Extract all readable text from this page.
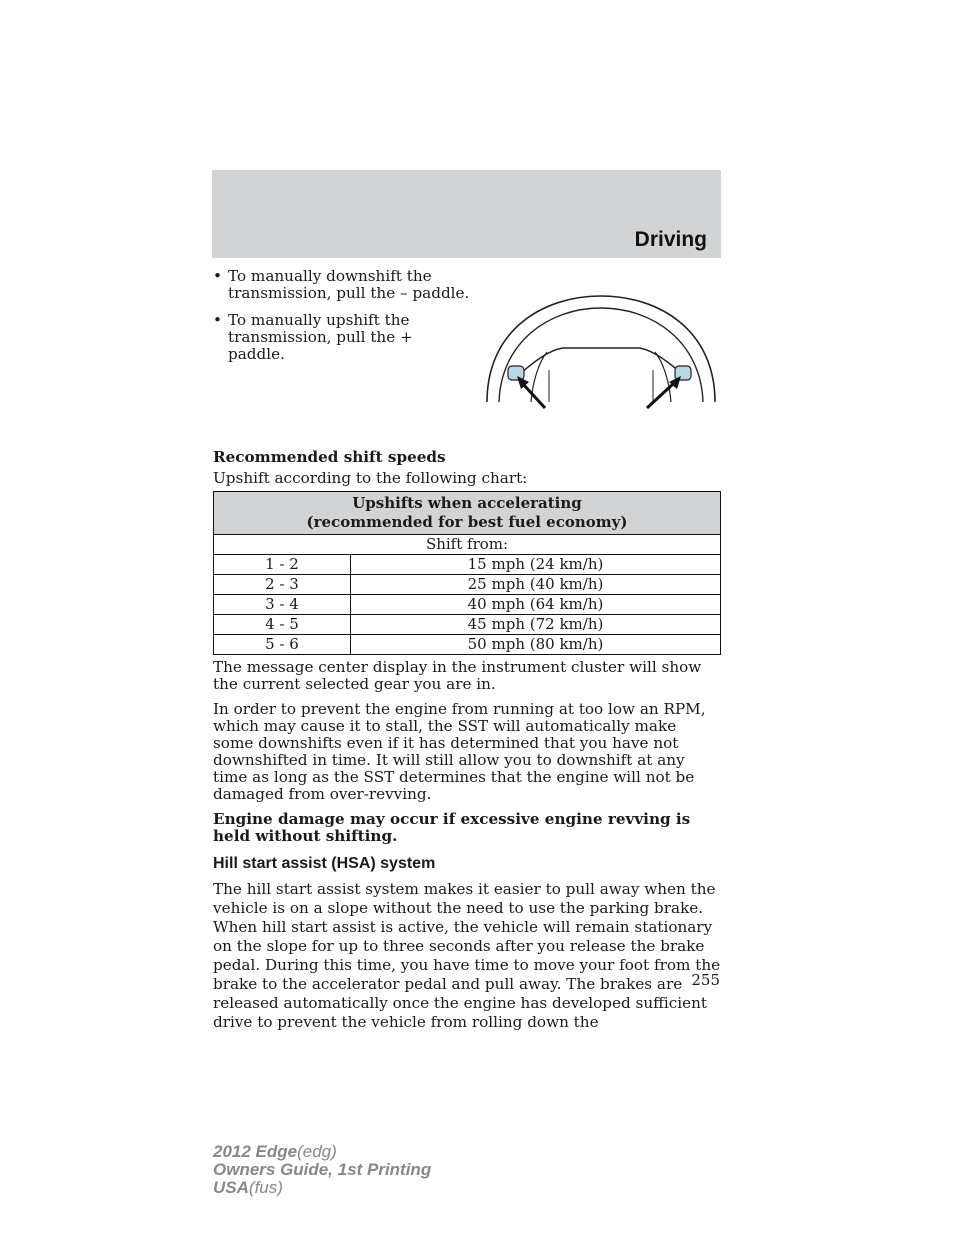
Driving
• To manually downshift the transmission, pull the – paddle.
• To manually upshift the transmission, pull the + paddle.

Recommended shift speeds

Upshift according to the following chart:

Upshifts when accelerating
(recommended for best fuel economy)	

Shift from:	
1 - 2	15 mph (24 km/h)
2 - 3	25 mph (40 km/h)
3 - 4	40 mph (64 km/h)
4 - 5	45 mph (72 km/h)
5 - 6	50 mph (80 km/h)

The message center display in the instrument cluster will show the current selected gear you are in.

In order to prevent the engine from running at too low an RPM, which may cause it to stall, the SST will automatically make some downshifts even if it has determined that you have not downshifted in time. It will still allow you to downshift at any time as long as the SST determines that the engine will not be damaged from over-revving.

Engine damage may occur if excessive engine revving is held without shifting.

Hill start assist (HSA) system

The hill start assist system makes it easier to pull away when the vehicle is on a slope without the need to use the parking brake. When hill start assist is active, the vehicle will remain stationary on the slope for up to three seconds after you release the brake pedal. During this time, you have time to move your foot from the brake to the accelerator pedal and pull away. The brakes are released automatically once the engine has developed sufficient drive to prevent the vehicle from rolling down the

255
2012 Edge(edg)
Owners Guide, 1st Printing
USA(fus)
